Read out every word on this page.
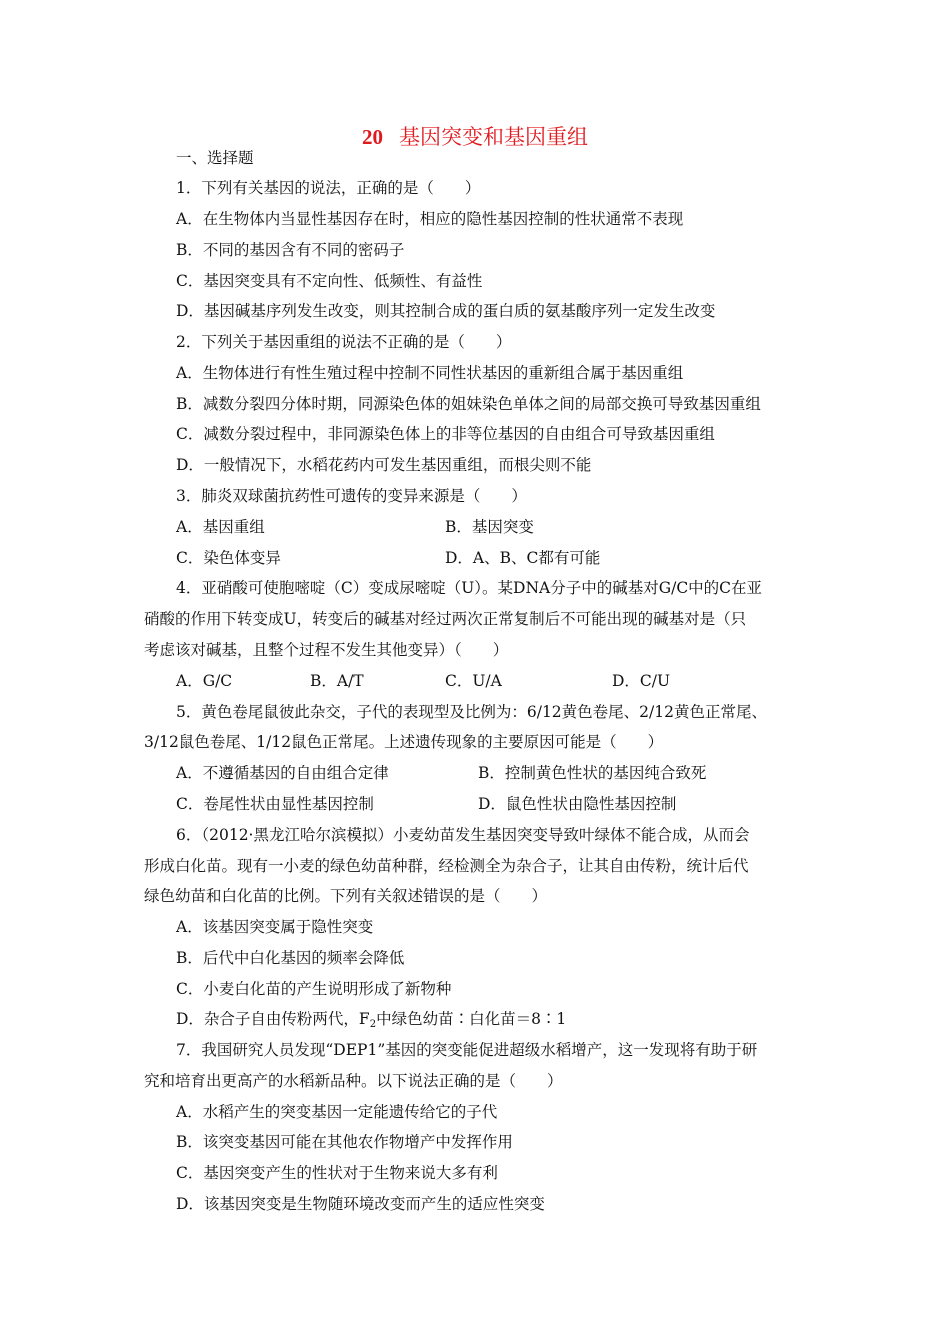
20 基因突变和基因重组
一、选择题
1．下列有关基因的说法，正确的是（　　）
A．在生物体内当显性基因存在时，相应的隐性基因控制的性状通常不表现
B．不同的基因含有不同的密码子
C．基因突变具有不定向性、低频性、有益性
D．基因碱基序列发生改变，则其控制合成的蛋白质的氨基酸序列一定发生改变
2．下列关于基因重组的说法不正确的是（　　）
A．生物体进行有性生殖过程中控制不同性状基因的重新组合属于基因重组
B．减数分裂四分体时期，同源染色体的姐妹染色单体之间的局部交换可导致基因重组
C．减数分裂过程中，非同源染色体上的非等位基因的自由组合可导致基因重组
D．一般情况下，水稻花药内可发生基因重组，而根尖则不能
3．肺炎双球菌抗药性可遗传的变异来源是（　　）
A．基因重组	B．基因突变
C．染色体变异	D．A、B、C都有可能
4．亚硝酸可使胞嘧啶（C）变成尿嘧啶（U）。某DNA分子中的碱基对G/C中的C在亚
硝酸的作用下转变成U，转变后的碱基对经过两次正常复制后不可能出现的碱基对是（只
考虑该对碱基，且整个过程不发生其他变异）（　　）
A．G/C	B．A/T	C．U/A	D．C/U
5．黄色卷尾鼠彼此杂交，子代的表现型及比例为：6/12黄色卷尾、2/12黄色正常尾、
3/12鼠色卷尾、1/12鼠色正常尾。上述遗传现象的主要原因可能是（　　）
A．不遵循基因的自由组合定律	B．控制黄色性状的基因纯合致死
C．卷尾性状由显性基因控制	D．鼠色性状由隐性基因控制
6．（2012·黑龙江哈尔滨模拟）小麦幼苗发生基因突变导致叶绿体不能合成，从而会
形成白化苗。现有一小麦的绿色幼苗种群，经检测全为杂合子，让其自由传粉，统计后代
绿色幼苗和白化苗的比例。下列有关叙述错误的是（　　）
A．该基因突变属于隐性突变
B．后代中白化基因的频率会降低
C．小麦白化苗的产生说明形成了新物种
D．杂合子自由传粉两代，$F_2$中绿色幼苗∶白化苗＝8∶1
7．我国研究人员发现“DEP1”基因的突变能促进超级水稻增产，这一发现将有助于研
究和培育出更高产的水稻新品种。以下说法正确的是（　　）
A．水稻产生的突变基因一定能遗传给它的子代
B．该突变基因可能在其他农作物增产中发挥作用
C．基因突变产生的性状对于生物来说大多有利
D．该基因突变是生物随环境改变而产生的适应性突变
